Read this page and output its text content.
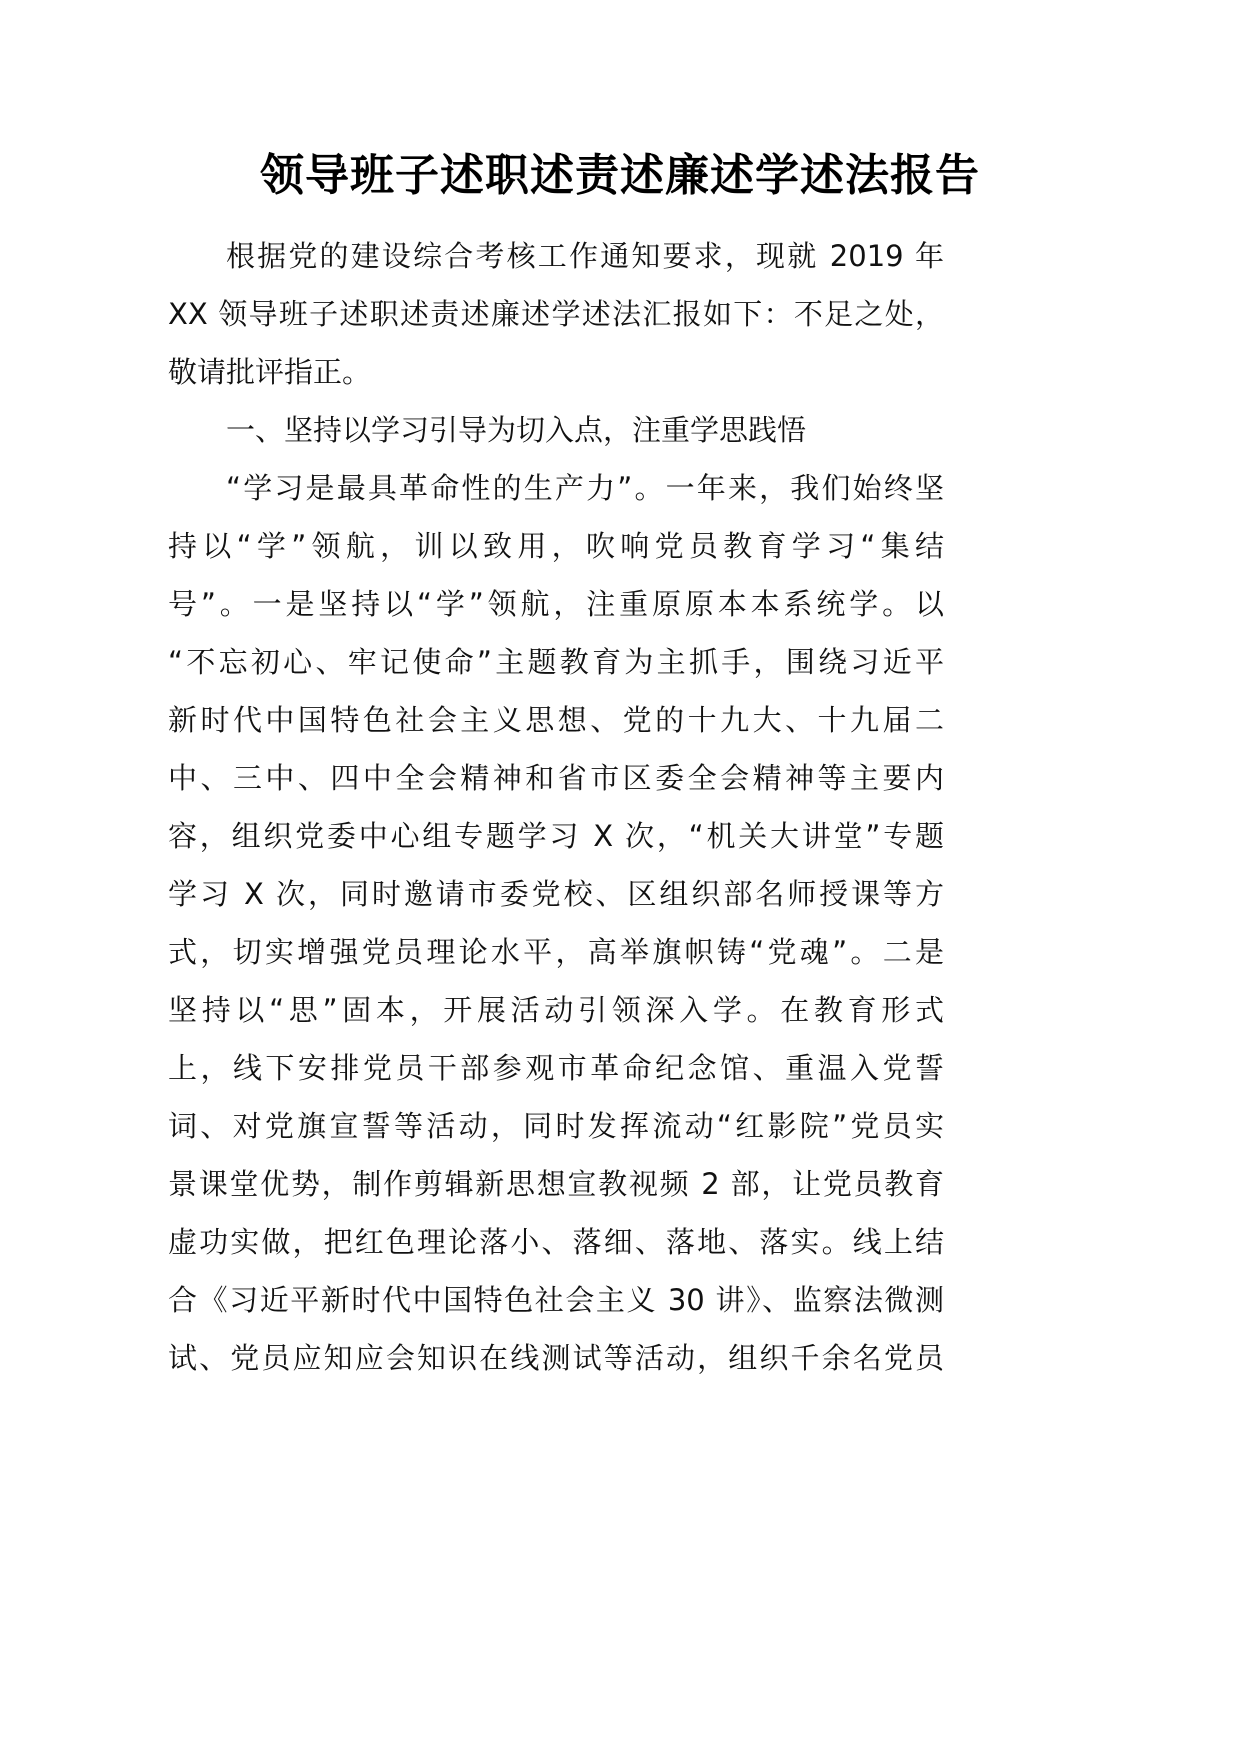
领导班子述职述责述廉述学述法报告
根据党的建设综合考核工作通知要求，现就 2019 年
XX 领导班子述职述责述廉述学述法汇报如下：不足之处，
敬请批评指正。
一、坚持以学习引导为切入点，注重学思践悟
“学习是最具革命性的生产力”。一年来，我们始终坚
持以“学”领航，训以致用，吹响党员教育学习“集结
号”。一是坚持以“学”领航，注重原原本本系统学。以
“不忘初心、牢记使命”主题教育为主抓手，围绕习近平
新时代中国特色社会主义思想、党的十九大、十九届二
中、三中、四中全会精神和省市区委全会精神等主要内
容，组织党委中心组专题学习 X 次，“机关大讲堂”专题
学习 X 次，同时邀请市委党校、区组织部名师授课等方
式，切实增强党员理论水平，高举旗帜铸“党魂”。二是
坚持以“思”固本，开展活动引领深入学。在教育形式
上，线下安排党员干部参观市革命纪念馆、重温入党誓
词、对党旗宣誓等活动，同时发挥流动“红影院”党员实
景课堂优势，制作剪辑新思想宣教视频 2 部，让党员教育
虚功实做，把红色理论落小、落细、落地、落实。线上结
合《习近平新时代中国特色社会主义 30 讲》、监察法微测
试、党员应知应会知识在线测试等活动，组织千余名党员
